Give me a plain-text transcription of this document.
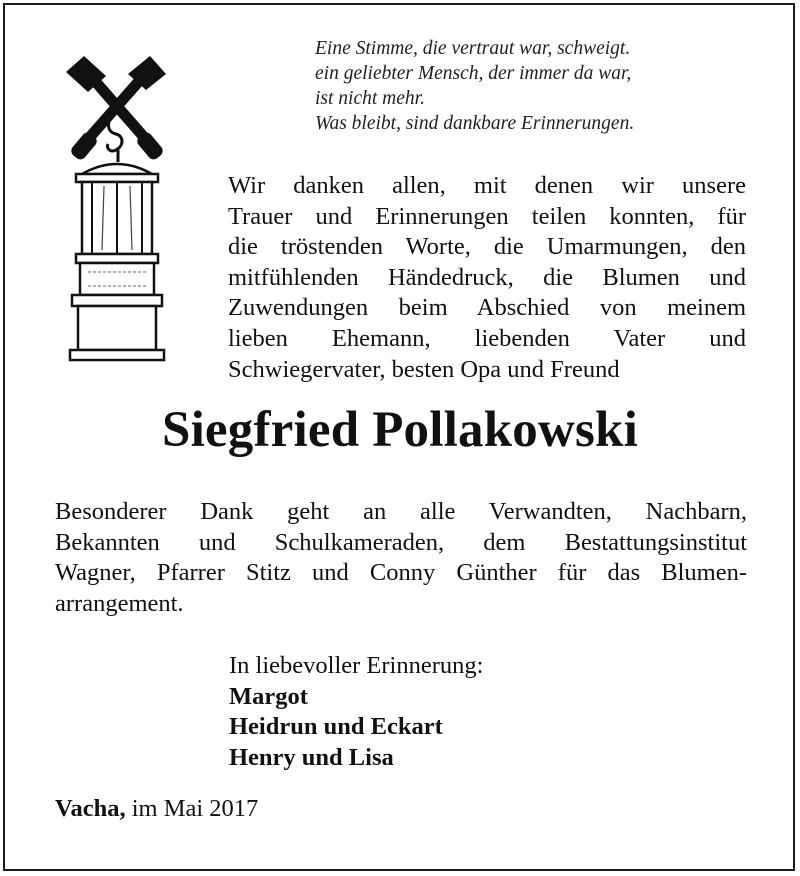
Eine Stimme, die vertraut war, schweigt.
ein geliebter Mensch, der immer da war,
ist nicht mehr.
Was bleibt, sind dankbare Erinnerungen.
Wir danken allen, mit denen wir unsere
Trauer und Erinnerungen teilen konnten, für
die tröstenden Worte, die Umarmungen, den
mitfühlenden Händedruck, die Blumen und
Zuwendungen beim Abschied von meinem
lieben Ehemann, liebenden Vater und
Schwiegervater, besten Opa und Freund
Siegfried Pollakowski
Besonderer Dank geht an alle Verwandten, Nachbarn,
Bekannten und Schulkameraden, dem Bestattungsinstitut
Wagner, Pfarrer Stitz und Conny Günther für das Blumen-
arrangement.
In liebevoller Erinnerung:
Margot
Heidrun und Eckart
Henry und Lisa
Vacha, im Mai 2017
